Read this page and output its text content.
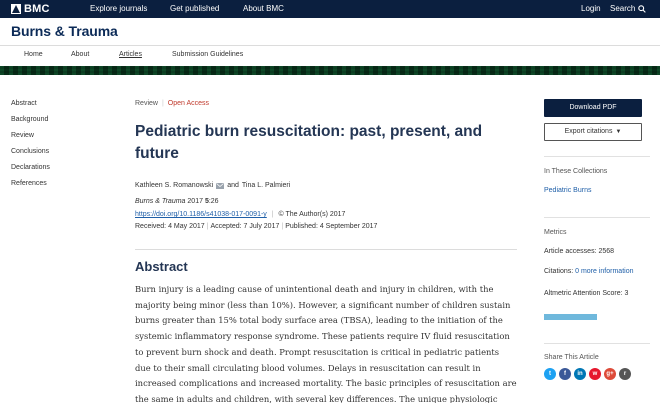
BMC	Explore journals	Get published	About BMC	Login Search
Burns & Trauma
Home	About	Articles	Submission Guidelines
Abstract
Background
Review
Conclusions
Declarations
References
Review | Open Access
Pediatric burn resuscitation: past, present, and future
Kathleen S. Romanowski and Tina L. Palmieri
Burns & Trauma 2017 5:26
https://doi.org/10.1186/s41038-017-0091-y | © The Author(s) 2017
Received: 4 May 2017 | Accepted: 7 July 2017 | Published: 4 September 2017
Abstract

Burn injury is a leading cause of unintentional death and injury in children, with the majority being minor (less than 10%). However, a significant number of children sustain burns greater than 15% total body surface area (TBSA), leading to the initiation of the systemic inflammatory response syndrome. These patients require IV fluid resuscitation to prevent burn shock and death. Prompt resuscitation is critical in pediatric patients due to their small circulating blood volumes. Delays in resuscitation can result in increased complications and increased mortality. The basic principles of resuscitation are the same in adults and children, with several key differences. The unique physiologic

Download PDF
Export citations ▼
In These Collections
Pediatric Burns
Metrics
Article accesses: 2568
Citations: 0 more information
Altmetric Attention Score: 3
Share This Article
t	f	in	w	g+	r
